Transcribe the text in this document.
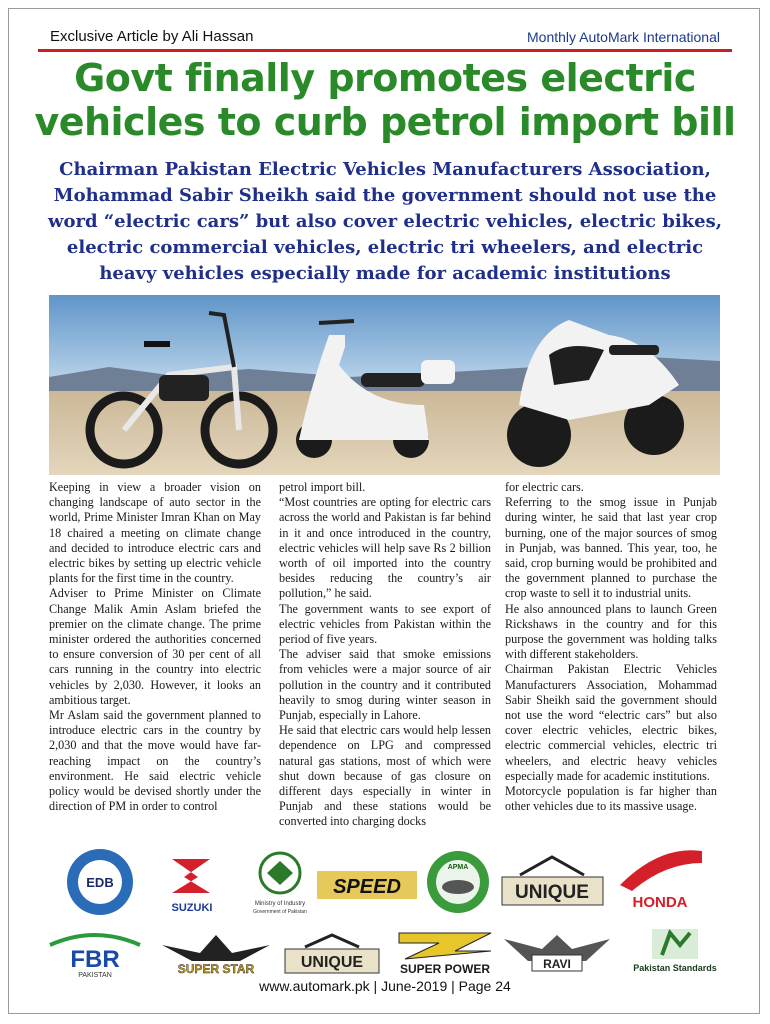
Exclusive Article by Ali Hassan	Monthly AutoMark International
Govt finally promotes electric vehicles to curb petrol import bill
Chairman Pakistan Electric Vehicles Manufacturers Association, Mohammad Sabir Sheikh said the government should not use the word “electric cars” but also cover electric vehicles, electric bikes, electric commercial vehicles, electric tri wheelers, and electric heavy vehicles especially made for academic institutions

Keeping in view a broader vision on changing landscape of auto sector in the world, Prime Minister Imran Khan on May 18 chaired a meeting on climate change and decided to introduce electric cars and electric bikes by setting up electric vehicle plants for the first time in the country.

Adviser to Prime Minister on Climate Change Malik Amin Aslam briefed the premier on the climate change. The prime minister ordered the authorities concerned to ensure conversion of 30 per cent of all cars running in the country into electric vehicles by 2,030. However, it looks an ambitious target.

Mr Aslam said the government planned to introduce electric cars in the country by 2,030 and that the move would have far-reaching impact on the country’s environment. He said electric vehicle policy would be devised shortly under the direction of PM in order to control

petrol import bill.

“Most countries are opting for electric cars across the world and Pakistan is far behind in it and once introduced in the country, electric vehicles will help save Rs 2 billion worth of oil imported into the country besides reducing the country’s air pollution,” he said.

The government wants to see export of electric vehicles from Pakistan within the period of five years.

The adviser said that smoke emissions from vehicles were a major source of air pollution in the country and it contributed heavily to smog during winter season in Punjab, especially in Lahore.

He said that electric cars would help lessen dependence on LPG and compressed natural gas stations, most of which were shut down because of gas closure on different days especially in winter in Punjab and these stations would be converted into charging docks

for electric cars.

Referring to the smog issue in Punjab during winter, he said that last year crop burning, one of the major sources of smog in Punjab, was banned. This year, too, he said, crop burning would be prohibited and the government planned to purchase the crop waste to sell it to industrial units.

He also announced plans to launch Green Rickshaws in the country and for this purpose the government was holding talks with different stakeholders.

Chairman Pakistan Electric Vehicles Manufacturers Association, Mohammad Sabir Sheikh said the government should not use the word “electric cars” but also cover electric vehicles, electric bikes, electric commercial vehicles, electric tri wheelers, and electric heavy vehicles especially made for academic institutions.

Motorcycle population is far higher than other vehicles due to its massive usage.

EDB
SUZUKI	Ministry of Industry
Government of Pakistan
SPEED
APMA
UNIQUE	HONDA
FBR
PAKISTAN	SUPER STAR	UNIQUE	SUPER POWER	RAVI	Pakistan Standards
www.automark.pk | June-2019 | Page 24
